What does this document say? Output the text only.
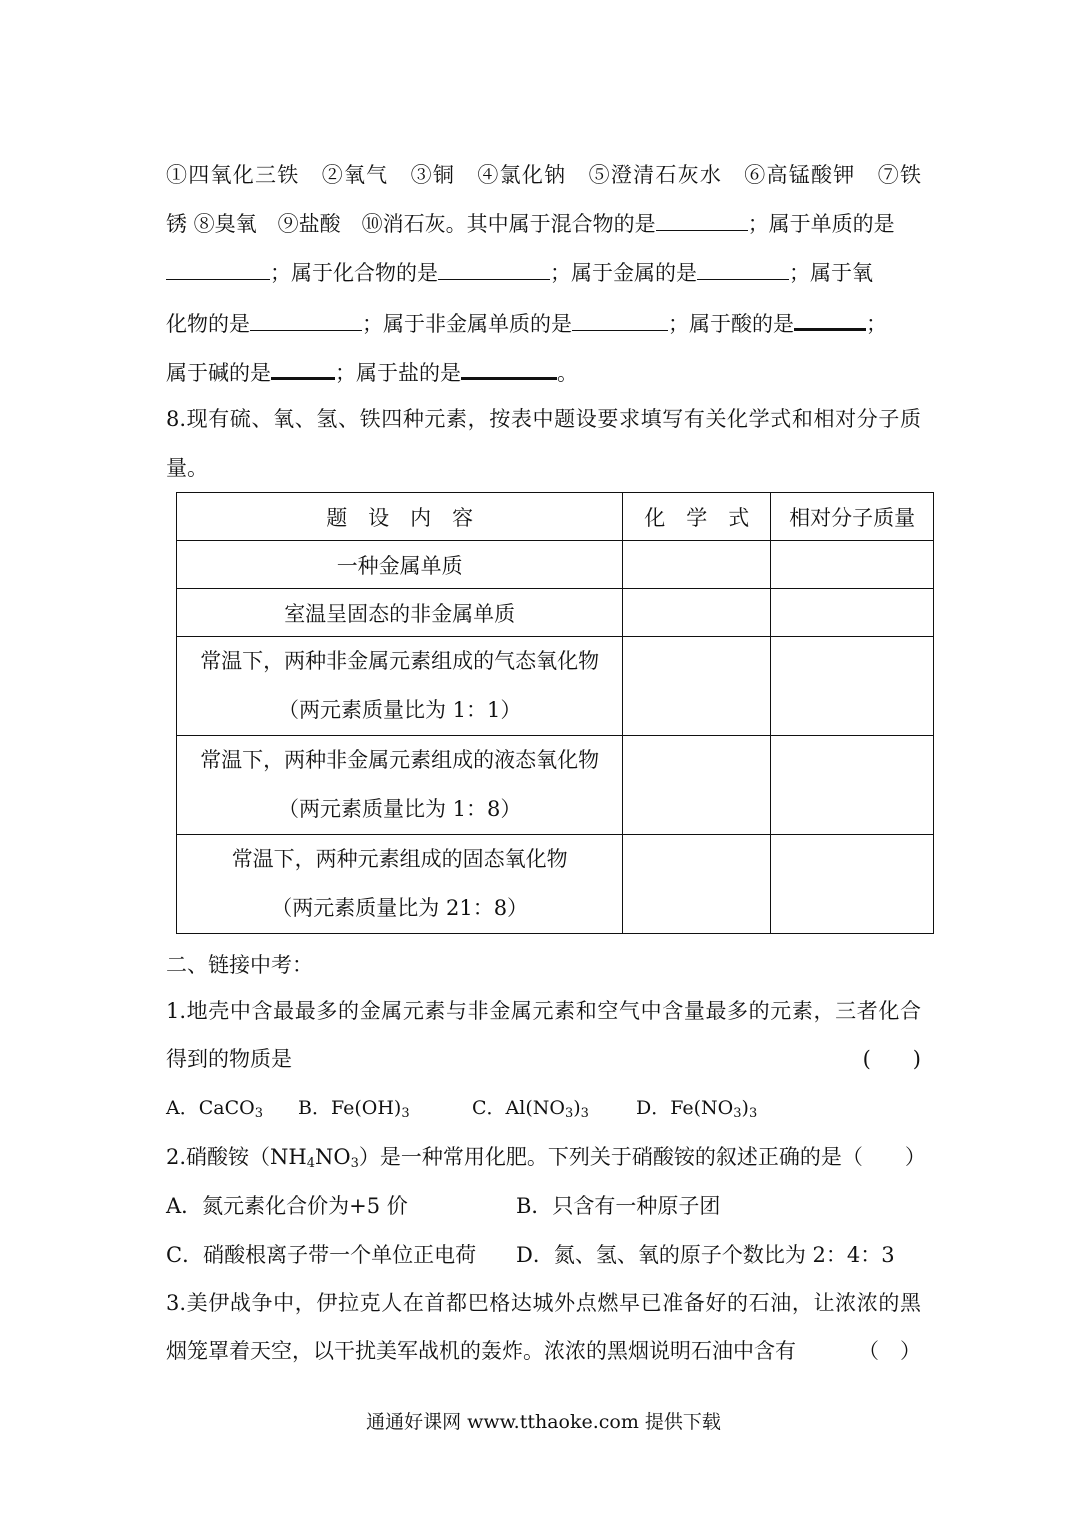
①四氧化三铁　②氧气　③铜　④氯化钠　⑤澄清石灰水　⑥高锰酸钾　⑦铁
锈 ⑧臭氧　⑨盐酸　⑩消石灰。其中属于混合物的是	；属于单质的是
；属于化合物的是	；属于金属的是	；属于氧
化物的是	；属于非金属单质的是	；属于酸的是	；
属于碱的是	；属于盐的是	。
8.现有硫、氧、氢、铁四种元素，按表中题设要求填写有关化学式和相对分子质
量。
题　设　内　容	化　学　式	相对分子质量
一种金属单质		
室温呈固态的非金属单质		

常温下，两种非金属元素组成的气态氧化物
（两元素质量比为 1：1）		

常温下，两种非金属元素组成的液态氧化物
（两元素质量比为 1：8）		

常温下，两种元素组成的固态氧化物
（两元素质量比为 21：8）		

二、链接中考：
1.地壳中含最最多的金属元素与非金属元素和空气中含量最多的元素，三者化合
得到的物质是	(　　)
A．CaCO$_3$ B．$Fe(OH)_3$	C．$Al(NO_3)_3$ D．$Fe(NO_3)_3$
2.硝酸铵$(NH_4NO_3)$是一种常用化肥。下列关于硝酸铵的叙述正确的是（　　）
A．氮元素化合价为+5 价	B．只含有一种原子团
C．硝酸根离子带一个单位正电荷 D．氮、氢、氧的原子个数比为 2：4：3
3.美伊战争中，伊拉克人在首都巴格达城外点燃早已准备好的石油，让浓浓的黑
烟笼罩着天空，以干扰美军战机的轰炸。浓浓的黑烟说明石油中含有	（　）
通通好课网 www.tthaoke.com 提供下载
